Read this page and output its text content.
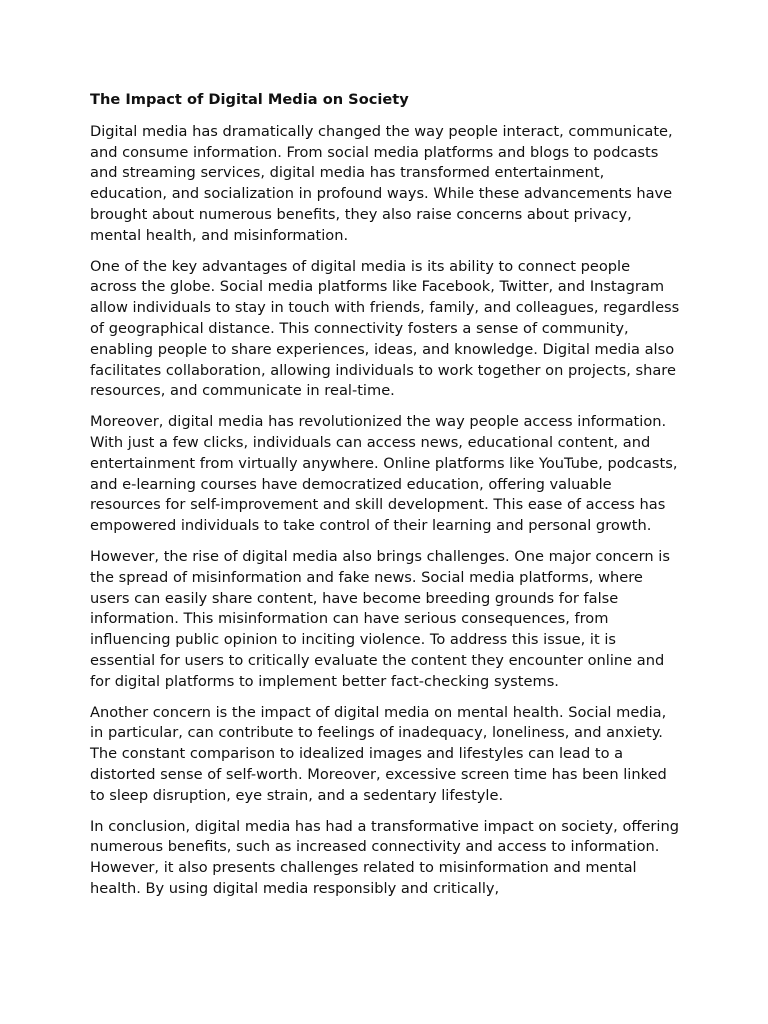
The Impact of Digital Media on Society

Digital media has dramatically changed the way people interact, communicate, and consume information. From social media platforms and blogs to podcasts and streaming services, digital media has transformed entertainment, education, and socialization in profound ways. While these advancements have brought about numerous benefits, they also raise concerns about privacy, mental health, and misinformation.

One of the key advantages of digital media is its ability to connect people across the globe. Social media platforms like Facebook, Twitter, and Instagram allow individuals to stay in touch with friends, family, and colleagues, regardless of geographical distance. This connectivity fosters a sense of community, enabling people to share experiences, ideas, and knowledge. Digital media also facilitates collaboration, allowing individuals to work together on projects, share resources, and communicate in real-time.

Moreover, digital media has revolutionized the way people access information. With just a few clicks, individuals can access news, educational content, and entertainment from virtually anywhere. Online platforms like YouTube, podcasts, and e-learning courses have democratized education, offering valuable resources for self-improvement and skill development. This ease of access has empowered individuals to take control of their learning and personal growth.

However, the rise of digital media also brings challenges. One major concern is the spread of misinformation and fake news. Social media platforms, where users can easily share content, have become breeding grounds for false information. This misinformation can have serious consequences, from influencing public opinion to inciting violence. To address this issue, it is essential for users to critically evaluate the content they encounter online and for digital platforms to implement better fact-checking systems.

Another concern is the impact of digital media on mental health. Social media, in particular, can contribute to feelings of inadequacy, loneliness, and anxiety. The constant comparison to idealized images and lifestyles can lead to a distorted sense of self-worth. Moreover, excessive screen time has been linked to sleep disruption, eye strain, and a sedentary lifestyle.

In conclusion, digital media has had a transformative impact on society, offering numerous benefits, such as increased connectivity and access to information. However, it also presents challenges related to misinformation and mental health. By using digital media responsibly and critically,
